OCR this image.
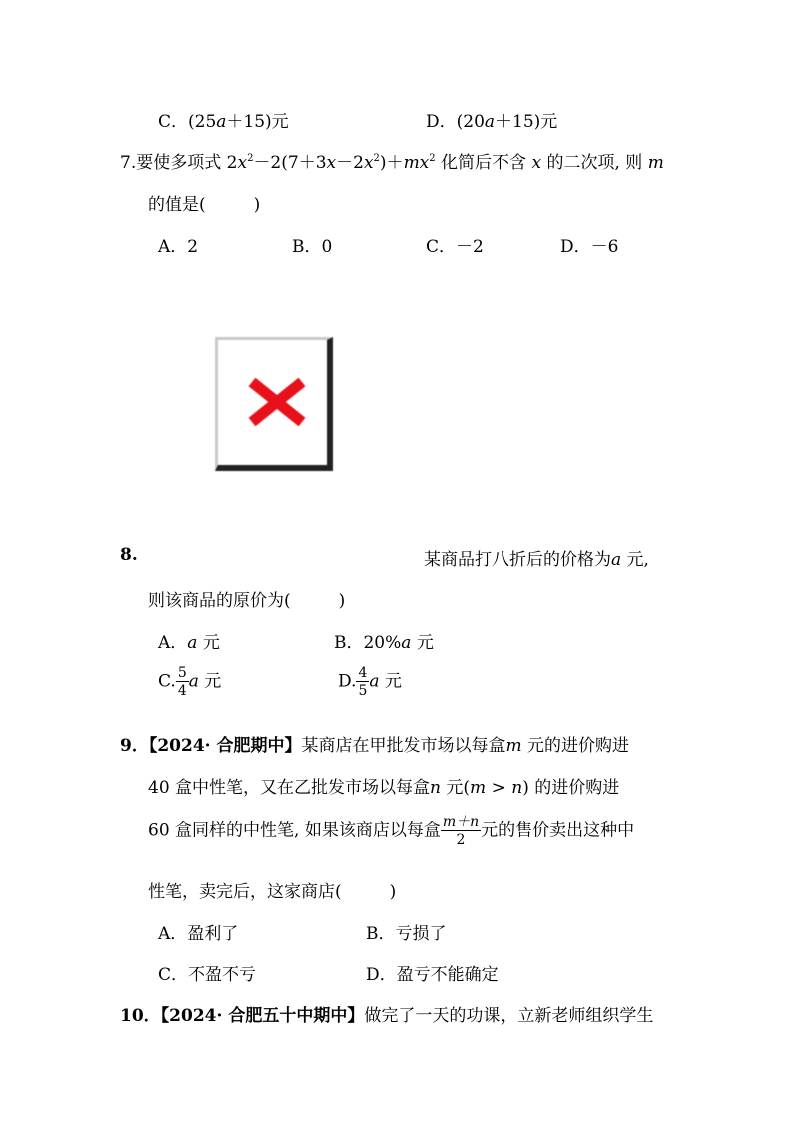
C．(25a＋15)元	D．(20a＋15)元
7.要使多项式 $2x^2-2(7+3x-2x^2)+mx^2$ 化简后不含 x 的二次项, 则 m
的值是(	)
A．2	B．0	C．－2	D．－6
8.	某商品打八折后的价格为a 元,
则该商品的原价为(	)
A．a 元	B．20%a 元
C. $\frac{5}{4}$ a 元	D. $\frac{4}{5}$ a 元
9．【2024· 合肥期中】某商店在甲批发市场以每盒m 元的进价购进
40 盒中性笔，又在乙批发市场以每盒n 元(m > n) 的进价购进
60 盒同样的中性笔, 如果该商店以每盒 $\frac{m+n}{2}$ 元的售价卖出这种中
性笔，卖完后，这家商店(	)
A．盈利了	B．亏损了
C．不盈不亏	D．盈亏不能确定
10．【2024· 合肥五十中期中】做完了一天的功课，立新老师组织学生
